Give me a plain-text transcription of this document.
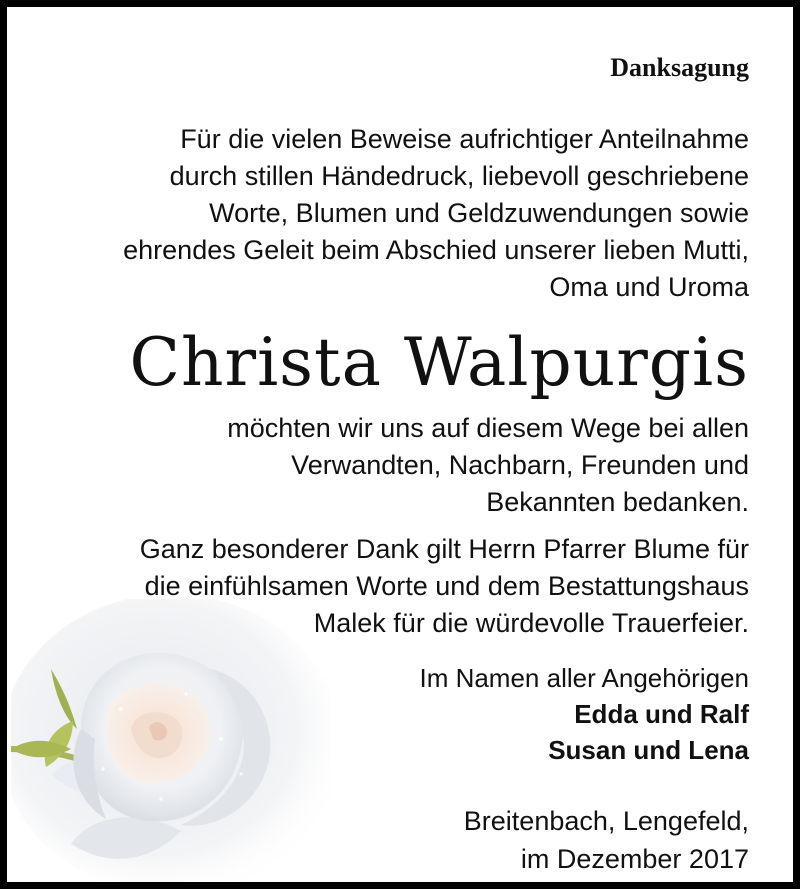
Danksagung

Für die vielen Beweise aufrichtiger Anteilnahme
durch stillen Händedruck, liebevoll geschriebene
Worte, Blumen und Geldzuwendungen sowie
ehrendes Geleit beim Abschied unserer lieben Mutti,
Oma und Uroma
Christa Walpurgis
möchten wir uns auf diesem Wege bei allen
Verwandten, Nachbarn, Freunden und
Bekannten bedanken.
Ganz besonderer Dank gilt Herrn Pfarrer Blume für
die einfühlsamen Worte und dem Bestattungshaus
Malek für die würdevolle Trauerfeier.
Im Namen aller Angehörigen
Edda und Ralf
Susan und Lena
Breitenbach, Lengefeld,
im Dezember 2017
